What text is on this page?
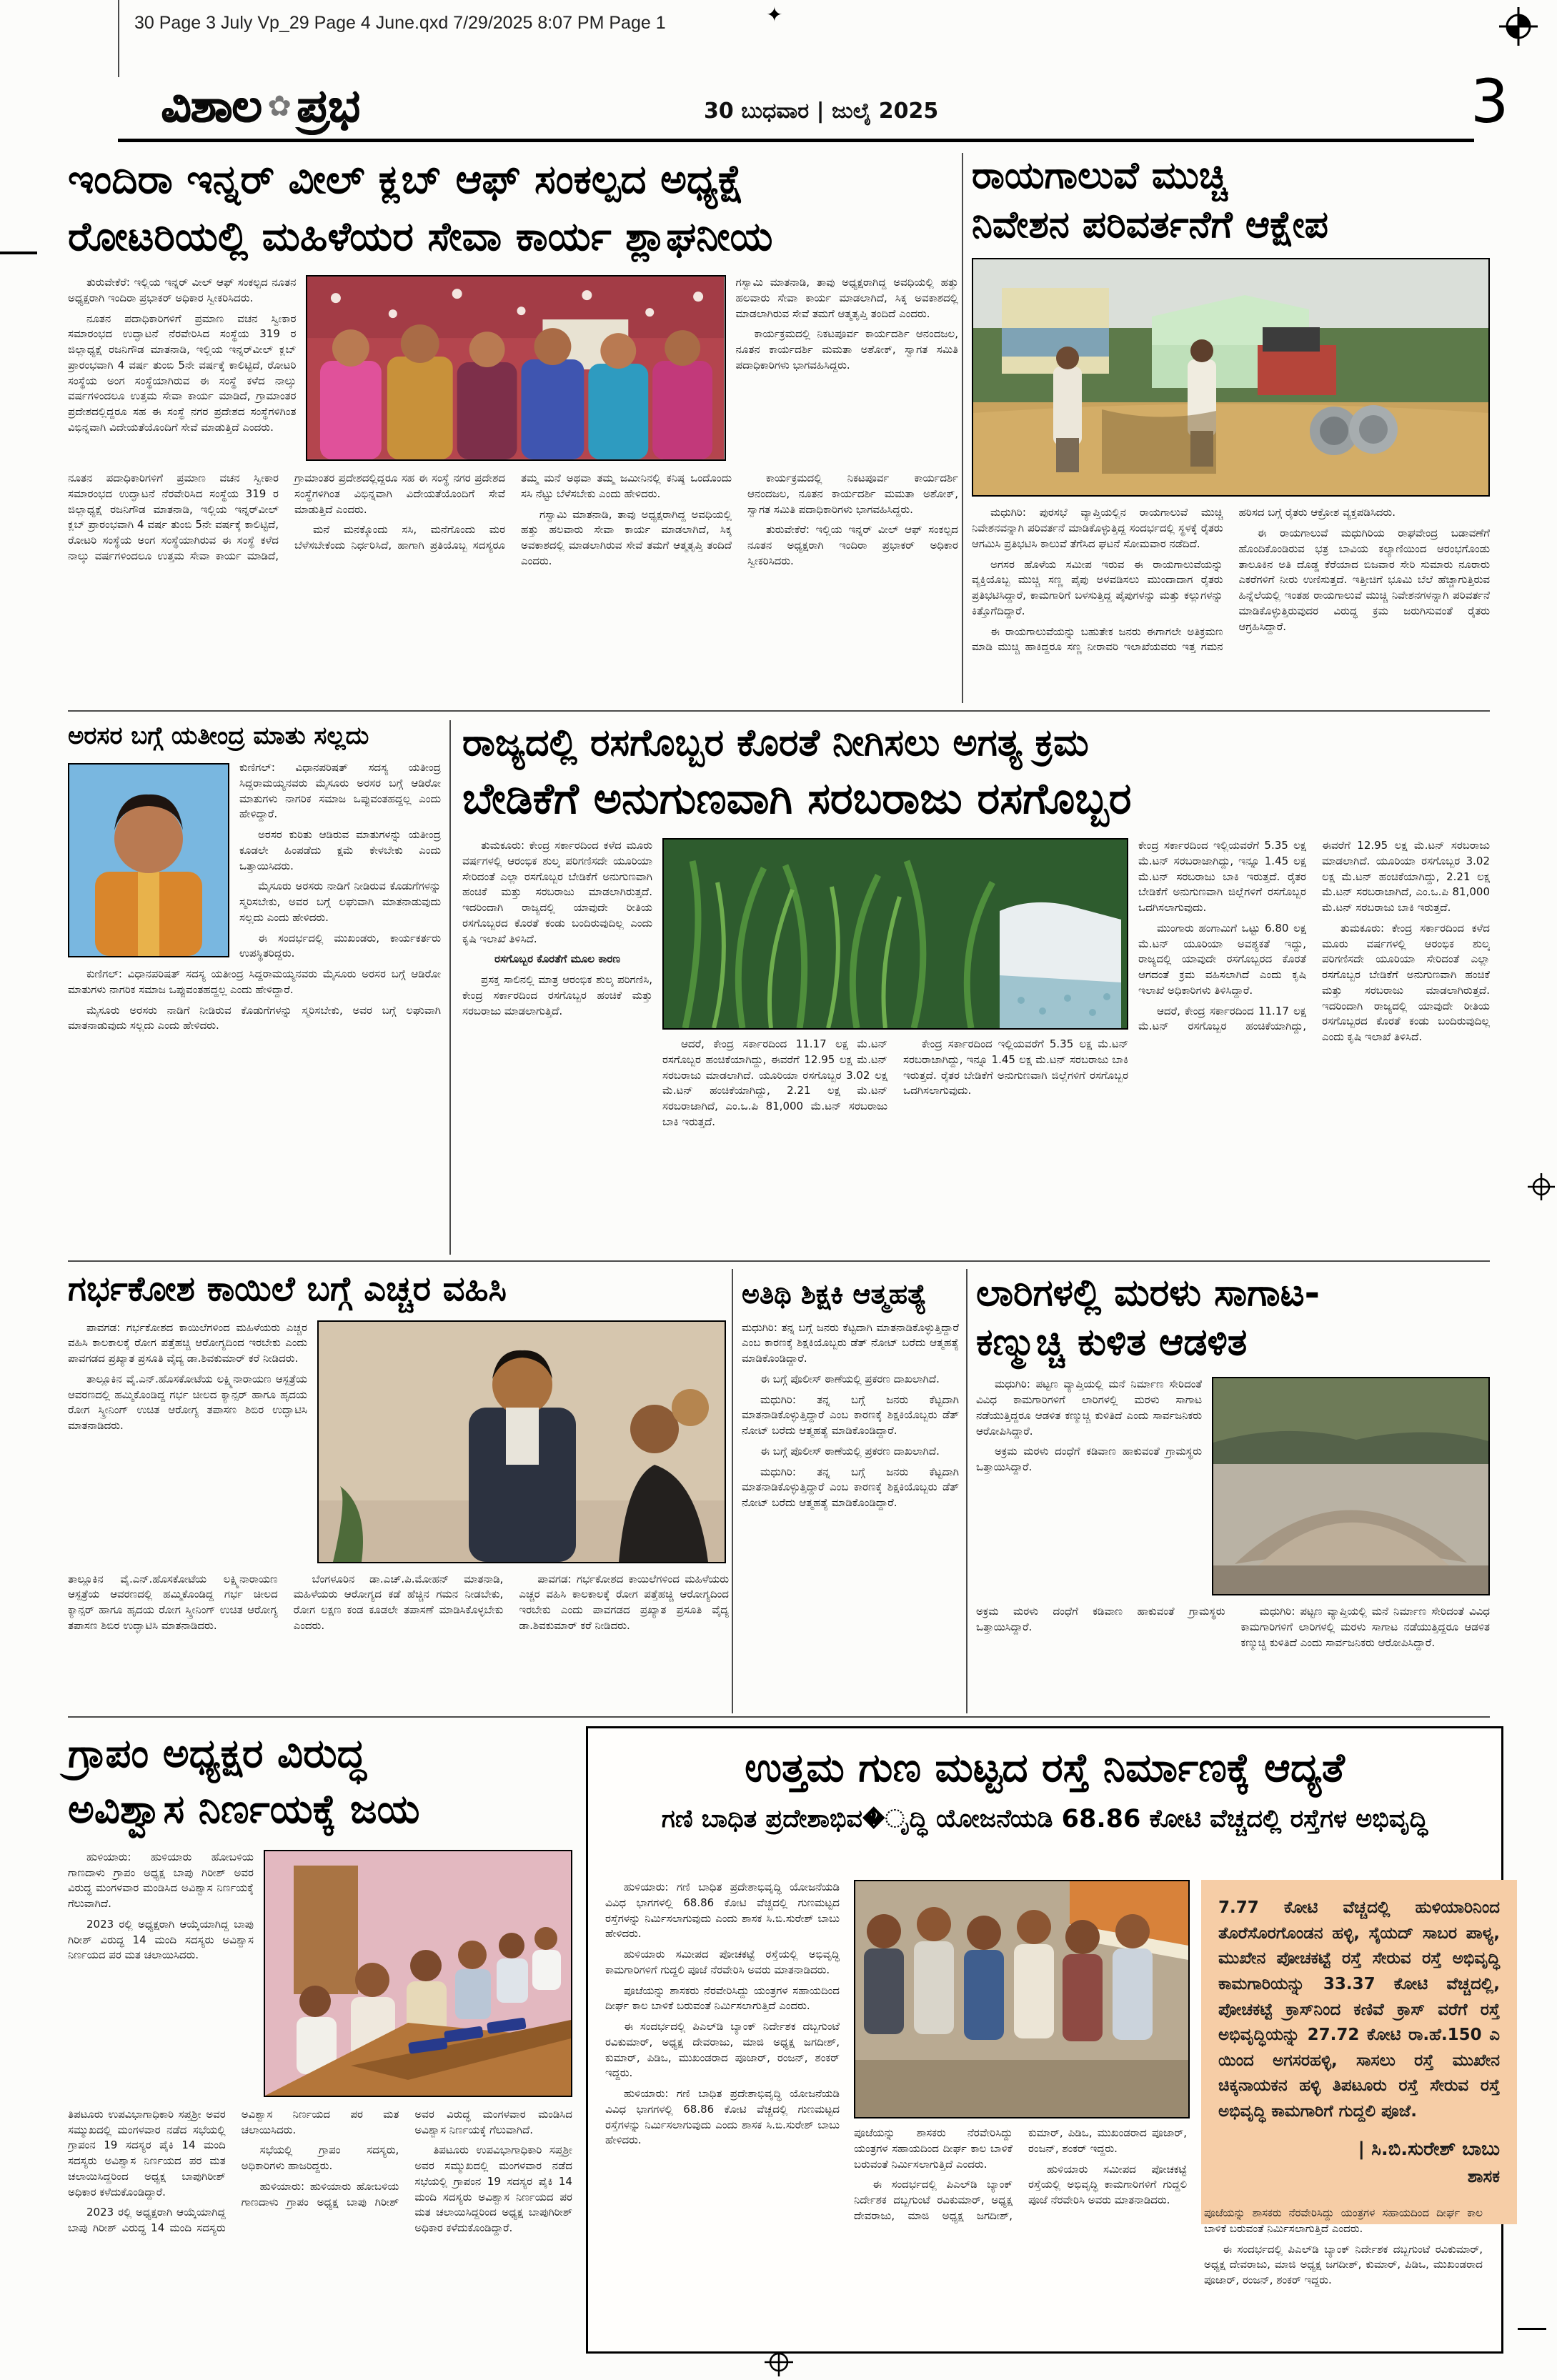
30 Page 3 July Vp_29 Page 4 June.qxd 7/29/2025 8:07 PM Page 1	✦
ವಿಶಾಲ ✿ ಪ್ರಭ	30 ಬುಧವಾರ | ಜುಲೈ 2025	3
ಇಂದಿರಾ ಇನ್ನರ್ ವೀಲ್ ಕ್ಲಬ್ ಆಫ್ ಸಂಕಲ್ಪದ ಅಧ್ಯಕ್ಷೆ
ರೋಟರಿಯಲ್ಲಿ ಮಹಿಳೆಯರ ಸೇವಾ ಕಾರ್ಯ ಶ್ಲಾಘನೀಯ

ತುರುವೇಕೆರೆ: ಇಲ್ಲಿಯ ಇನ್ನರ್ ವೀಲ್ ಆಫ್ ಸಂಕಲ್ಪದ ನೂತನ ಅಧ್ಯಕ್ಷರಾಗಿ ಇಂದಿರಾ ಪ್ರಭಾಕರ್ ಅಧಿಕಾರ ಸ್ವೀಕರಿಸಿದರು.

ನೂತನ ಪದಾಧಿಕಾರಿಗಳಿಗೆ ಪ್ರಮಾಣ ವಚನ ಸ್ವೀಕಾರ ಸಮಾರಂಭದ ಉದ್ಘಾಟನೆ ನೆರವೇರಿಸಿದ ಸಂಸ್ಥೆಯ 319 ರ ಜಿಲ್ಲಾಧ್ಯಕ್ಷೆ ರಜನಿಗೌಡ ಮಾತನಾಡಿ, ಇಲ್ಲಿಯ ಇನ್ನರ್‌ವೀಲ್ ಕ್ಲಬ್ ಪ್ರಾರಂಭವಾಗಿ 4 ವರ್ಷ ತುಂಬಿ 5ನೇ ವರ್ಷಕ್ಕೆ ಕಾಲಿಟ್ಟಿದೆ, ರೋಟರಿ ಸಂಸ್ಥೆಯ ಅಂಗ ಸಂಸ್ಥೆಯಾಗಿರುವ ಈ ಸಂಸ್ಥೆ ಕಳೆದ ನಾಲ್ಕು ವರ್ಷಗಳಿಂದಲೂ ಉತ್ತಮ ಸೇವಾ ಕಾರ್ಯ ಮಾಡಿದೆ, ಗ್ರಾಮಾಂತರ ಪ್ರದೇಶದಲ್ಲಿದ್ದರೂ ಸಹ ಈ ಸಂಸ್ಥೆ ನಗರ ಪ್ರದೇಶದ ಸಂಸ್ಥೆಗಳಿಗಿಂತ ವಿಭಿನ್ನವಾಗಿ ವಿದೇಯತೆಯೊಂದಿಗೆ ಸೇವೆ ಮಾಡುತ್ತಿದೆ ಎಂದರು.

ಗಸ್ವಾಮಿ ಮಾತನಾಡಿ, ತಾವು ಅಧ್ಯಕ್ಷರಾಗಿದ್ದ ಅವಧಿಯಲ್ಲಿ ಹತ್ತು ಹಲವಾರು ಸೇವಾ ಕಾರ್ಯ ಮಾಡಲಾಗಿದೆ, ಸಿಕ್ಕ ಅವಕಾಶದಲ್ಲಿ ಮಾಡಲಾಗಿರುವ ಸೇವೆ ತಮಗೆ ಆತ್ಮತೃಪ್ತಿ ತಂದಿದೆ ಎಂದರು.

ಕಾರ್ಯಕ್ರಮದಲ್ಲಿ ನಿಕಟಪೂರ್ವ ಕಾರ್ಯದರ್ಶಿ ಆನಂದಜಲ, ನೂತನ ಕಾರ್ಯದರ್ಶಿ ಮಮತಾ ಅಶೋಕ್, ಸ್ವಾಗತ ಸಮಿತಿ ಪದಾಧಿಕಾರಿಗಳು ಭಾಗವಹಿಸಿದ್ದರು.

ನೂತನ ಪದಾಧಿಕಾರಿಗಳಿಗೆ ಪ್ರಮಾಣ ವಚನ ಸ್ವೀಕಾರ ಸಮಾರಂಭದ ಉದ್ಘಾಟನೆ ನೆರವೇರಿಸಿದ ಸಂಸ್ಥೆಯ 319 ರ ಜಿಲ್ಲಾಧ್ಯಕ್ಷೆ ರಜನಿಗೌಡ ಮಾತನಾಡಿ, ಇಲ್ಲಿಯ ಇನ್ನರ್‌ವೀಲ್ ಕ್ಲಬ್ ಪ್ರಾರಂಭವಾಗಿ 4 ವರ್ಷ ತುಂಬಿ 5ನೇ ವರ್ಷಕ್ಕೆ ಕಾಲಿಟ್ಟಿದೆ, ರೋಟರಿ ಸಂಸ್ಥೆಯ ಅಂಗ ಸಂಸ್ಥೆಯಾಗಿರುವ ಈ ಸಂಸ್ಥೆ ಕಳೆದ ನಾಲ್ಕು ವರ್ಷಗಳಿಂದಲೂ ಉತ್ತಮ ಸೇವಾ ಕಾರ್ಯ ಮಾಡಿದೆ, ಗ್ರಾಮಾಂತರ ಪ್ರದೇಶದಲ್ಲಿದ್ದರೂ ಸಹ ಈ ಸಂಸ್ಥೆ ನಗರ ಪ್ರದೇಶದ ಸಂಸ್ಥೆಗಳಿಗಿಂತ ವಿಭಿನ್ನವಾಗಿ ವಿದೇಯತೆಯೊಂದಿಗೆ ಸೇವೆ ಮಾಡುತ್ತಿದೆ ಎಂದರು.

ಮನೆ ಮನಕ್ಕೊಂದು ಸಸಿ, ಮನೆಗೊಂದು ಮರ ಬೆಳೆಸಬೇಕೆಂದು ನಿರ್ಧರಿಸಿದೆ, ಹಾಗಾಗಿ ಪ್ರತಿಯೊಬ್ಬ ಸದಸ್ಯರೂ ತಮ್ಮ ಮನೆ ಅಥವಾ ತಮ್ಮ ಜಮೀನಿನಲ್ಲಿ ಕನಿಷ್ಠ ಒಂದೊಂದು ಸಸಿ ನೆಟ್ಟು ಬೆಳೆಸಬೇಕು ಎಂದು ಹೇಳಿದರು.

ಗಸ್ವಾಮಿ ಮಾತನಾಡಿ, ತಾವು ಅಧ್ಯಕ್ಷರಾಗಿದ್ದ ಅವಧಿಯಲ್ಲಿ ಹತ್ತು ಹಲವಾರು ಸೇವಾ ಕಾರ್ಯ ಮಾಡಲಾಗಿದೆ, ಸಿಕ್ಕ ಅವಕಾಶದಲ್ಲಿ ಮಾಡಲಾಗಿರುವ ಸೇವೆ ತಮಗೆ ಆತ್ಮತೃಪ್ತಿ ತಂದಿದೆ ಎಂದರು.

ಕಾರ್ಯಕ್ರಮದಲ್ಲಿ ನಿಕಟಪೂರ್ವ ಕಾರ್ಯದರ್ಶಿ ಆನಂದಜಲ, ನೂತನ ಕಾರ್ಯದರ್ಶಿ ಮಮತಾ ಅಶೋಕ್, ಸ್ವಾಗತ ಸಮಿತಿ ಪದಾಧಿಕಾರಿಗಳು ಭಾಗವಹಿಸಿದ್ದರು.

ತುರುವೇಕೆರೆ: ಇಲ್ಲಿಯ ಇನ್ನರ್ ವೀಲ್ ಆಫ್ ಸಂಕಲ್ಪದ ನೂತನ ಅಧ್ಯಕ್ಷರಾಗಿ ಇಂದಿರಾ ಪ್ರಭಾಕರ್ ಅಧಿಕಾರ ಸ್ವೀಕರಿಸಿದರು.

ರಾಯಗಾಲುವೆ ಮುಚ್ಚಿ
ನಿವೇಶನ ಪರಿವರ್ತನೆಗೆ ಆಕ್ಷೇಪ

ಮಧುಗಿರಿ: ಪುರಸಭೆ ವ್ಯಾಪ್ತಿಯಲ್ಲಿನ ರಾಯಗಾಲುವೆ ಮುಚ್ಚಿ ನಿವೇಶನವನ್ನಾಗಿ ಪರಿವರ್ತನೆ ಮಾಡಿಕೊಳ್ಳುತ್ತಿದ್ದ ಸಂದರ್ಭದಲ್ಲಿ ಸ್ಥಳಕ್ಕೆ ರೈತರು ಆಗಮಿಸಿ ಪ್ರತಿಭಟಿಸಿ ಕಾಲುವೆ ತೆಗೆಸಿದ ಘಟನೆ ಸೋಮವಾರ ನಡೆದಿದೆ.

ಅಗಸರ ಹೊಳೆಯ ಸಮೀಪ ಇರುವ ಈ ರಾಯಗಾಲುವೆಯನ್ನು ವ್ಯಕ್ತಿಯೊಬ್ಬ ಮುಚ್ಚಿ ಸಣ್ಣ ಪೈಪು ಅಳವಡಿಸಲು ಮುಂದಾದಾಗ ರೈತರು ಪ್ರತಿಭಟಿಸಿದ್ದಾರೆ, ಕಾಮಗಾರಿಗೆ ಬಳಸುತ್ತಿದ್ದ ಪೈಪುಗಳನ್ನು ಮತ್ತು ಕಲ್ಲುಗಳನ್ನು ಕಿತ್ತೊಗೆದಿದ್ದಾರೆ.

ಈ ರಾಯಗಾಲುವೆಯನ್ನು ಬಹುತೇಕ ಜನರು ಈಗಾಗಲೇ ಅತಿಕ್ರಮಣ ಮಾಡಿ ಮುಚ್ಚಿ ಹಾಕಿದ್ದರೂ ಸಣ್ಣ ನೀರಾವರಿ ಇಲಾಖೆಯವರು ಇತ್ತ ಗಮನ ಹರಿಸದ ಬಗ್ಗೆ ರೈತರು ಆಕ್ರೋಶ ವ್ಯಕ್ತಪಡಿಸಿದರು.

ಈ ರಾಯಗಾಲುವೆ ಮಧುಗಿರಿಯ ರಾಘವೇಂದ್ರ ಬಡಾವಣೆಗೆ ಹೊಂದಿಕೊಂಡಿರುವ ಭತ್ರ ಬಾವಿಯ ಕಲ್ಯಾಣಿಯಿಂದ ಆರಂಭಗೊಂಡು ತಾಲೂಕಿನ ಅತಿ ದೊಡ್ಡ ಕೆರೆಯಾದ ಬಿಜವಾರ ಸೇರಿ ಸುಮಾರು ನೂರಾರು ಎಕರೆಗಳಿಗೆ ನೀರು ಉಣಿಸುತ್ತದೆ. ಇತ್ತೀಚಿಗೆ ಭೂಮಿ ಬೆಲೆ ಹೆಚ್ಚಾಗುತ್ತಿರುವ ಹಿನ್ನೆಲೆಯಲ್ಲಿ ಇಂತಹ ರಾಯಗಾಲುವೆ ಮುಚ್ಚಿ ನಿವೇಶನಗಳನ್ನಾಗಿ ಪರಿವರ್ತನೆ ಮಾಡಿಕೊಳ್ಳುತ್ತಿರುವುದರ ವಿರುದ್ಧ ಕ್ರಮ ಜರುಗಿಸುವಂತೆ ರೈತರು ಆಗ್ರಹಿಸಿದ್ದಾರೆ.

ಅರಸರ ಬಗ್ಗೆ ಯತೀಂದ್ರ ಮಾತು ಸಲ್ಲದು

ಕುಣಿಗಲ್: ವಿಧಾನಪರಿಷತ್ ಸದಸ್ಯ ಯತೀಂದ್ರ ಸಿದ್ದರಾಮಯ್ಯನವರು ಮೈಸೂರು ಅರಸರ ಬಗ್ಗೆ ಆಡಿರೋ ಮಾತುಗಳು ನಾಗರಿಕ ಸಮಾಜ ಒಪ್ಪುವಂತಹದ್ದಲ್ಲ ಎಂದು ಹೇಳಿದ್ದಾರೆ.

ಅರಸರ ಕುರಿತು ಆಡಿರುವ ಮಾತುಗಳನ್ನು ಯತೀಂದ್ರ ಕೂಡಲೇ ಹಿಂಪಡೆದು ಕ್ಷಮೆ ಕೇಳಬೇಕು ಎಂದು ಒತ್ತಾಯಿಸಿದರು.

ಮೈಸೂರು ಅರಸರು ನಾಡಿಗೆ ನೀಡಿರುವ ಕೊಡುಗೆಗಳನ್ನು ಸ್ಮರಿಸಬೇಕು, ಅವರ ಬಗ್ಗೆ ಲಘುವಾಗಿ ಮಾತನಾಡುವುದು ಸಲ್ಲದು ಎಂದು ಹೇಳಿದರು.

ಈ ಸಂದರ್ಭದಲ್ಲಿ ಮುಖಂಡರು, ಕಾರ್ಯಕರ್ತರು ಉಪಸ್ಥಿತರಿದ್ದರು.

ಕುಣಿಗಲ್: ವಿಧಾನಪರಿಷತ್ ಸದಸ್ಯ ಯತೀಂದ್ರ ಸಿದ್ದರಾಮಯ್ಯನವರು ಮೈಸೂರು ಅರಸರ ಬಗ್ಗೆ ಆಡಿರೋ ಮಾತುಗಳು ನಾಗರಿಕ ಸಮಾಜ ಒಪ್ಪುವಂತಹದ್ದಲ್ಲ ಎಂದು ಹೇಳಿದ್ದಾರೆ.

ಮೈಸೂರು ಅರಸರು ನಾಡಿಗೆ ನೀಡಿರುವ ಕೊಡುಗೆಗಳನ್ನು ಸ್ಮರಿಸಬೇಕು, ಅವರ ಬಗ್ಗೆ ಲಘುವಾಗಿ ಮಾತನಾಡುವುದು ಸಲ್ಲದು ಎಂದು ಹೇಳಿದರು.

ರಾಜ್ಯದಲ್ಲಿ ರಸಗೊಬ್ಬರ ಕೊರತೆ ನೀಗಿಸಲು ಅಗತ್ಯ ಕ್ರಮ
ಬೇಡಿಕೆಗೆ ಅನುಗುಣವಾಗಿ ಸರಬರಾಜು ರಸಗೊಬ್ಬರ

ತುಮಕೂರು: ಕೇಂದ್ರ ಸರ್ಕಾರದಿಂದ ಕಳೆದ ಮೂರು ವರ್ಷಗಳಲ್ಲಿ ಆರಂಭಿಕ ಶುಲ್ಕ ಪರಿಗಣಿಸದೇ ಯೂರಿಯಾ ಸೇರಿದಂತೆ ಎಲ್ಲಾ ರಸಗೊಬ್ಬರ ಬೇಡಿಕೆಗೆ ಅನುಗುಣವಾಗಿ ಹಂಚಿಕೆ ಮತ್ತು ಸರಬರಾಜು ಮಾಡಲಾಗಿರುತ್ತದೆ. ಇದರಿಂದಾಗಿ ರಾಜ್ಯದಲ್ಲಿ ಯಾವುದೇ ರೀತಿಯ ರಸಗೊಬ್ಬರದ ಕೊರತೆ ಕಂಡು ಬಂದಿರುವುದಿಲ್ಲ ಎಂದು ಕೃಷಿ ಇಲಾಖೆ ತಿಳಿಸಿದೆ.

ರಸಗೊಬ್ಬರ ಕೊರತೆಗೆ ಮೂಲ ಕಾರಣ

ಪ್ರಸಕ್ತ ಸಾಲಿನಲ್ಲಿ ಮಾತ್ರ ಆರಂಭಿಕ ಶುಲ್ಕ ಪರಿಗಣಿಸಿ, ಕೇಂದ್ರ ಸರ್ಕಾರದಿಂದ ರಸಗೊಬ್ಬರ ಹಂಚಿಕೆ ಮತ್ತು ಸರಬರಾಜು ಮಾಡಲಾಗುತ್ತಿದೆ.

ಆದರೆ, ಕೇಂದ್ರ ಸರ್ಕಾರದಿಂದ 11.17 ಲಕ್ಷ ಮೆ.ಟನ್ ರಸಗೊಬ್ಬರ ಹಂಚಿಕೆಯಾಗಿದ್ದು, ಈವರೆಗೆ 12.95 ಲಕ್ಷ ಮೆ.ಟನ್ ಸರಬರಾಜು ಮಾಡಲಾಗಿದೆ. ಯೂರಿಯಾ ರಸಗೊಬ್ಬರ 3.02 ಲಕ್ಷ ಮೆ.ಟನ್ ಹಂಚಿಕೆಯಾಗಿದ್ದು, 2.21 ಲಕ್ಷ ಮೆ.ಟನ್ ಸರಬರಾಜಾಗಿದೆ, ಎಂ.ಒ.ಪಿ 81,000 ಮೆ.ಟನ್ ಸರಬರಾಜು ಬಾಕಿ ಇರುತ್ತದೆ.

ಕೇಂದ್ರ ಸರ್ಕಾರದಿಂದ ಇಲ್ಲಿಯವರೆಗೆ 5.35 ಲಕ್ಷ ಮೆ.ಟನ್ ಸರಬರಾಜಾಗಿದ್ದು, ಇನ್ನೂ 1.45 ಲಕ್ಷ ಮೆ.ಟನ್ ಸರಬರಾಜು ಬಾಕಿ ಇರುತ್ತದೆ. ರೈತರ ಬೇಡಿಕೆಗೆ ಅನುಗುಣವಾಗಿ ಜಿಲ್ಲೆಗಳಿಗೆ ರಸಗೊಬ್ಬರ ಒದಗಿಸಲಾಗುವುದು.

ಕೇಂದ್ರ ಸರ್ಕಾರದಿಂದ ಇಲ್ಲಿಯವರೆಗೆ 5.35 ಲಕ್ಷ ಮೆ.ಟನ್ ಸರಬರಾಜಾಗಿದ್ದು, ಇನ್ನೂ 1.45 ಲಕ್ಷ ಮೆ.ಟನ್ ಸರಬರಾಜು ಬಾಕಿ ಇರುತ್ತದೆ. ರೈತರ ಬೇಡಿಕೆಗೆ ಅನುಗುಣವಾಗಿ ಜಿಲ್ಲೆಗಳಿಗೆ ರಸಗೊಬ್ಬರ ಒದಗಿಸಲಾಗುವುದು.

ಮುಂಗಾರು ಹಂಗಾಮಿಗೆ ಒಟ್ಟು 6.80 ಲಕ್ಷ ಮೆ.ಟನ್ ಯೂರಿಯಾ ಅವಶ್ಯಕತೆ ಇದ್ದು, ರಾಜ್ಯದಲ್ಲಿ ಯಾವುದೇ ರಸಗೊಬ್ಬರದ ಕೊರತೆ ಆಗದಂತೆ ಕ್ರಮ ವಹಿಸಲಾಗಿದೆ ಎಂದು ಕೃಷಿ ಇಲಾಖೆ ಅಧಿಕಾರಿಗಳು ತಿಳಿಸಿದ್ದಾರೆ.

ಆದರೆ, ಕೇಂದ್ರ ಸರ್ಕಾರದಿಂದ 11.17 ಲಕ್ಷ ಮೆ.ಟನ್ ರಸಗೊಬ್ಬರ ಹಂಚಿಕೆಯಾಗಿದ್ದು, ಈವರೆಗೆ 12.95 ಲಕ್ಷ ಮೆ.ಟನ್ ಸರಬರಾಜು ಮಾಡಲಾಗಿದೆ. ಯೂರಿಯಾ ರಸಗೊಬ್ಬರ 3.02 ಲಕ್ಷ ಮೆ.ಟನ್ ಹಂಚಿಕೆಯಾಗಿದ್ದು, 2.21 ಲಕ್ಷ ಮೆ.ಟನ್ ಸರಬರಾಜಾಗಿದೆ, ಎಂ.ಒ.ಪಿ 81,000 ಮೆ.ಟನ್ ಸರಬರಾಜು ಬಾಕಿ ಇರುತ್ತದೆ.

ತುಮಕೂರು: ಕೇಂದ್ರ ಸರ್ಕಾರದಿಂದ ಕಳೆದ ಮೂರು ವರ್ಷಗಳಲ್ಲಿ ಆರಂಭಿಕ ಶುಲ್ಕ ಪರಿಗಣಿಸದೇ ಯೂರಿಯಾ ಸೇರಿದಂತೆ ಎಲ್ಲಾ ರಸಗೊಬ್ಬರ ಬೇಡಿಕೆಗೆ ಅನುಗುಣವಾಗಿ ಹಂಚಿಕೆ ಮತ್ತು ಸರಬರಾಜು ಮಾಡಲಾಗಿರುತ್ತದೆ. ಇದರಿಂದಾಗಿ ರಾಜ್ಯದಲ್ಲಿ ಯಾವುದೇ ರೀತಿಯ ರಸಗೊಬ್ಬರದ ಕೊರತೆ ಕಂಡು ಬಂದಿರುವುದಿಲ್ಲ ಎಂದು ಕೃಷಿ ಇಲಾಖೆ ತಿಳಿಸಿದೆ.

ಗರ್ಭಕೋಶ ಕಾಯಿಲೆ ಬಗ್ಗೆ ಎಚ್ಚರ ವಹಿಸಿ

ಪಾವಗಡ: ಗರ್ಭಕೋಶದ ಕಾಯಿಲೆಗಳಿಂದ ಮಹಿಳೆಯರು ಎಚ್ಚರ ವಹಿಸಿ ಕಾಲಕಾಲಕ್ಕೆ ರೋಗ ಪತ್ತೆಹಚ್ಚಿ ಆರೋಗ್ಯದಿಂದ ಇರಬೇಕು ಎಂದು ಪಾವಗಡದ ಪ್ರಖ್ಯಾತ ಪ್ರಸೂತಿ ವೈದ್ಯ ಡಾ.ಶಿವಕುಮಾರ್ ಕರೆ ನೀಡಿದರು.

ತಾಲ್ಲೂಕಿನ ವೈ.ಎನ್.ಹೊಸಕೋಟೆಯ ಲಕ್ಷ್ಮಿನಾರಾಯಣ ಆಸ್ಪತ್ರೆಯ ಆವರಣದಲ್ಲಿ ಹಮ್ಮಿಕೊಂಡಿದ್ದ ಗರ್ಭ ಚೀಲದ ಕ್ಯಾನ್ಸರ್ ಹಾಗೂ ಹೃದಯ ರೋಗ ಸ್ಕ್ರೀನಿಂಗ್ ಉಚಿತ ಆರೋಗ್ಯ ತಪಾಸಣ ಶಿಬಿರ ಉದ್ಘಾಟಿಸಿ ಮಾತನಾಡಿದರು.

ತಾಲ್ಲೂಕಿನ ವೈ.ಎನ್.ಹೊಸಕೋಟೆಯ ಲಕ್ಷ್ಮಿನಾರಾಯಣ ಆಸ್ಪತ್ರೆಯ ಆವರಣದಲ್ಲಿ ಹಮ್ಮಿಕೊಂಡಿದ್ದ ಗರ್ಭ ಚೀಲದ ಕ್ಯಾನ್ಸರ್ ಹಾಗೂ ಹೃದಯ ರೋಗ ಸ್ಕ್ರೀನಿಂಗ್ ಉಚಿತ ಆರೋಗ್ಯ ತಪಾಸಣ ಶಿಬಿರ ಉದ್ಘಾಟಿಸಿ ಮಾತನಾಡಿದರು.

ಬೆಂಗಳೂರಿನ ಡಾ.ಎಚ್.ಪಿ.ಮೋಹನ್ ಮಾತನಾಡಿ, ಮಹಿಳೆಯರು ಆರೋಗ್ಯದ ಕಡೆ ಹೆಚ್ಚಿನ ಗಮನ ನೀಡಬೇಕು, ರೋಗ ಲಕ್ಷಣ ಕಂಡ ಕೂಡಲೇ ತಪಾಸಣೆ ಮಾಡಿಸಿಕೊಳ್ಳಬೇಕು ಎಂದರು.

ಪಾವಗಡ: ಗರ್ಭಕೋಶದ ಕಾಯಿಲೆಗಳಿಂದ ಮಹಿಳೆಯರು ಎಚ್ಚರ ವಹಿಸಿ ಕಾಲಕಾಲಕ್ಕೆ ರೋಗ ಪತ್ತೆಹಚ್ಚಿ ಆರೋಗ್ಯದಿಂದ ಇರಬೇಕು ಎಂದು ಪಾವಗಡದ ಪ್ರಖ್ಯಾತ ಪ್ರಸೂತಿ ವೈದ್ಯ ಡಾ.ಶಿವಕುಮಾರ್ ಕರೆ ನೀಡಿದರು.

ಅತಿಥಿ ಶಿಕ್ಷಕಿ ಆತ್ಮಹತ್ಯೆ

ಮಧುಗಿರಿ: ತನ್ನ ಬಗ್ಗೆ ಜನರು ಕೆಟ್ಟದಾಗಿ ಮಾತನಾಡಿಕೊಳ್ಳುತ್ತಿದ್ದಾರೆ ಎಂಬ ಕಾರಣಕ್ಕೆ ಶಿಕ್ಷಕಿಯೊಬ್ಬರು ಡೆತ್ ನೋಟ್ ಬರೆದು ಆತ್ಮಹತ್ಯೆ ಮಾಡಿಕೊಂಡಿದ್ದಾರೆ.

ಈ ಬಗ್ಗೆ ಪೊಲೀಸ್ ಠಾಣೆಯಲ್ಲಿ ಪ್ರಕರಣ ದಾಖಲಾಗಿದೆ.

ಮಧುಗಿರಿ: ತನ್ನ ಬಗ್ಗೆ ಜನರು ಕೆಟ್ಟದಾಗಿ ಮಾತನಾಡಿಕೊಳ್ಳುತ್ತಿದ್ದಾರೆ ಎಂಬ ಕಾರಣಕ್ಕೆ ಶಿಕ್ಷಕಿಯೊಬ್ಬರು ಡೆತ್ ನೋಟ್ ಬರೆದು ಆತ್ಮಹತ್ಯೆ ಮಾಡಿಕೊಂಡಿದ್ದಾರೆ.

ಈ ಬಗ್ಗೆ ಪೊಲೀಸ್ ಠಾಣೆಯಲ್ಲಿ ಪ್ರಕರಣ ದಾಖಲಾಗಿದೆ.

ಮಧುಗಿರಿ: ತನ್ನ ಬಗ್ಗೆ ಜನರು ಕೆಟ್ಟದಾಗಿ ಮಾತನಾಡಿಕೊಳ್ಳುತ್ತಿದ್ದಾರೆ ಎಂಬ ಕಾರಣಕ್ಕೆ ಶಿಕ್ಷಕಿಯೊಬ್ಬರು ಡೆತ್ ನೋಟ್ ಬರೆದು ಆತ್ಮಹತ್ಯೆ ಮಾಡಿಕೊಂಡಿದ್ದಾರೆ.

ಲಾರಿಗಳಲ್ಲಿ ಮರಳು ಸಾಗಾಟ-
ಕಣ್ಮುಚ್ಚಿ ಕುಳಿತ ಆಡಳಿತ

ಮಧುಗಿರಿ: ಪಟ್ಟಣ ವ್ಯಾಪ್ತಿಯಲ್ಲಿ ಮನೆ ನಿರ್ಮಾಣ ಸೇರಿದಂತೆ ವಿವಿಧ ಕಾಮಗಾರಿಗಳಿಗೆ ಲಾರಿಗಳಲ್ಲಿ ಮರಳು ಸಾಗಾಟ ನಡೆಯುತ್ತಿದ್ದರೂ ಆಡಳಿತ ಕಣ್ಮುಚ್ಚಿ ಕುಳಿತಿದೆ ಎಂದು ಸಾರ್ವಜನಿಕರು ಆರೋಪಿಸಿದ್ದಾರೆ.

ಅಕ್ರಮ ಮರಳು ದಂಧೆಗೆ ಕಡಿವಾಣ ಹಾಕುವಂತೆ ಗ್ರಾಮಸ್ಥರು ಒತ್ತಾಯಿಸಿದ್ದಾರೆ.

ಅಕ್ರಮ ಮರಳು ದಂಧೆಗೆ ಕಡಿವಾಣ ಹಾಕುವಂತೆ ಗ್ರಾಮಸ್ಥರು ಒತ್ತಾಯಿಸಿದ್ದಾರೆ.

ಮಧುಗಿರಿ: ಪಟ್ಟಣ ವ್ಯಾಪ್ತಿಯಲ್ಲಿ ಮನೆ ನಿರ್ಮಾಣ ಸೇರಿದಂತೆ ವಿವಿಧ ಕಾಮಗಾರಿಗಳಿಗೆ ಲಾರಿಗಳಲ್ಲಿ ಮರಳು ಸಾಗಾಟ ನಡೆಯುತ್ತಿದ್ದರೂ ಆಡಳಿತ ಕಣ್ಮುಚ್ಚಿ ಕುಳಿತಿದೆ ಎಂದು ಸಾರ್ವಜನಿಕರು ಆರೋಪಿಸಿದ್ದಾರೆ.

ಗ್ರಾಪಂ ಅಧ್ಯಕ್ಷರ ವಿರುದ್ಧ
ಅವಿಶ್ವಾಸ ನಿರ್ಣಯಕ್ಕೆ ಜಯ

ಹುಳಿಯಾರು: ಹುಳಿಯಾರು ಹೋಬಳಿಯ ಗಾಣದಾಳು ಗ್ರಾಪಂ ಅಧ್ಯಕ್ಷ ಬಾಪು ಗಿರೀಶ್ ಅವರ ವಿರುದ್ಧ ಮಂಗಳವಾರ ಮಂಡಿಸಿದ ಅವಿಶ್ವಾಸ ನಿರ್ಣಯಕ್ಕೆ ಗೆಲುವಾಗಿದೆ.

2023 ರಲ್ಲಿ ಅಧ್ಯಕ್ಷರಾಗಿ ಆಯ್ಕೆಯಾಗಿದ್ದ ಬಾಪು ಗಿರೀಶ್ ವಿರುದ್ಧ 14 ಮಂದಿ ಸದಸ್ಯರು ಅವಿಶ್ವಾಸ ನಿರ್ಣಯದ ಪರ ಮತ ಚಲಾಯಿಸಿದರು.

ತಿಪಟೂರು ಉಪವಿಭಾಗಾಧಿಕಾರಿ ಸಪ್ತಶ್ರೀ ಅವರ ಸಮ್ಮುಖದಲ್ಲಿ ಮಂಗಳವಾರ ನಡೆದ ಸಭೆಯಲ್ಲಿ ಗ್ರಾಪಂನ 19 ಸದಸ್ಯರ ಪೈಕಿ 14 ಮಂದಿ ಸದಸ್ಯರು ಅವಿಶ್ವಾಸ ನಿರ್ಣಯದ ಪರ ಮತ ಚಲಾಯಿಸಿದ್ದರಿಂದ ಅಧ್ಯಕ್ಷ ಬಾಪುಗಿರೀಶ್ ಅಧಿಕಾರ ಕಳೆದುಕೊಂಡಿದ್ದಾರೆ.

2023 ರಲ್ಲಿ ಅಧ್ಯಕ್ಷರಾಗಿ ಆಯ್ಕೆಯಾಗಿದ್ದ ಬಾಪು ಗಿರೀಶ್ ವಿರುದ್ಧ 14 ಮಂದಿ ಸದಸ್ಯರು ಅವಿಶ್ವಾಸ ನಿರ್ಣಯದ ಪರ ಮತ ಚಲಾಯಿಸಿದರು.

ಸಭೆಯಲ್ಲಿ ಗ್ರಾಪಂ ಸದಸ್ಯರು, ಅಧಿಕಾರಿಗಳು ಹಾಜರಿದ್ದರು.

ಹುಳಿಯಾರು: ಹುಳಿಯಾರು ಹೋಬಳಿಯ ಗಾಣದಾಳು ಗ್ರಾಪಂ ಅಧ್ಯಕ್ಷ ಬಾಪು ಗಿರೀಶ್ ಅವರ ವಿರುದ್ಧ ಮಂಗಳವಾರ ಮಂಡಿಸಿದ ಅವಿಶ್ವಾಸ ನಿರ್ಣಯಕ್ಕೆ ಗೆಲುವಾಗಿದೆ.

ತಿಪಟೂರು ಉಪವಿಭಾಗಾಧಿಕಾರಿ ಸಪ್ತಶ್ರೀ ಅವರ ಸಮ್ಮುಖದಲ್ಲಿ ಮಂಗಳವಾರ ನಡೆದ ಸಭೆಯಲ್ಲಿ ಗ್ರಾಪಂನ 19 ಸದಸ್ಯರ ಪೈಕಿ 14 ಮಂದಿ ಸದಸ್ಯರು ಅವಿಶ್ವಾಸ ನಿರ್ಣಯದ ಪರ ಮತ ಚಲಾಯಿಸಿದ್ದರಿಂದ ಅಧ್ಯಕ್ಷ ಬಾಪುಗಿರೀಶ್ ಅಧಿಕಾರ ಕಳೆದುಕೊಂಡಿದ್ದಾರೆ.

ಉತ್ತಮ ಗುಣ ಮಟ್ಟದ ರಸ್ತೆ ನಿರ್ಮಾಣಕ್ಕೆ ಆದ್ಯತೆ
ಗಣಿ ಬಾಧಿತ ಪ್ರದೇಶಾಭಿವ�ೃದ್ಧಿ ಯೋಜನೆಯಡಿ 68.86 ಕೋಟಿ ವೆಚ್ಚದಲ್ಲಿ ರಸ್ತೆಗಳ ಅಭಿವೃದ್ಧಿ

ಹುಳಿಯಾರು: ಗಣಿ ಬಾಧಿತ ಪ್ರದೇಶಾಭಿವೃದ್ಧಿ ಯೋಜನೆಯಡಿ ವಿವಿಧ ಭಾಗಗಳಲ್ಲಿ 68.86 ಕೋಟಿ ವೆಚ್ಚದಲ್ಲಿ ಗುಣಮಟ್ಟದ ರಸ್ತೆಗಳನ್ನು ನಿರ್ಮಿಸಲಾಗುವುದು ಎಂದು ಶಾಸಕ ಸಿ.ಬಿ.ಸುರೇಶ್ ಬಾಬು ಹೇಳಿದರು.

ಹುಳಿಯಾರು ಸಮೀಪದ ಪೋಚಕಟ್ಟೆ ರಸ್ತೆಯಲ್ಲಿ ಅಭಿವೃದ್ಧಿ ಕಾಮಗಾರಿಗಳಿಗೆ ಗುದ್ದಲಿ ಪೂಜೆ ನೆರವೇರಿಸಿ ಅವರು ಮಾತನಾಡಿದರು.

ಪೂಜೆಯನ್ನು ಶಾಸಕರು ನೆರವೇರಿಸಿದ್ದು ಯಂತ್ರಗಳ ಸಹಾಯದಿಂದ ದೀರ್ಘ ಕಾಲ ಬಾಳಿಕೆ ಬರುವಂತೆ ನಿರ್ಮಿಸಲಾಗುತ್ತಿದೆ ಎಂದರು.

ಈ ಸಂದರ್ಭದಲ್ಲಿ ಪಿಎಲ್‌ಡಿ ಬ್ಯಾಂಕ್ ನಿರ್ದೇಶಕ ದಬ್ಬಗುಂಟೆ ರವಿಕುಮಾರ್, ಅಧ್ಯಕ್ಷ ದೇವರಾಜು, ಮಾಜಿ ಅಧ್ಯಕ್ಷ ಜಗದೀಶ್, ಕುಮಾರ್, ಪಿಡಿಒ, ಮುಖಂಡರಾದ ಪೂಜಾರ್, ರಂಜನ್, ಶಂಕರ್ ಇದ್ದರು.

ಹುಳಿಯಾರು: ಗಣಿ ಬಾಧಿತ ಪ್ರದೇಶಾಭಿವೃದ್ಧಿ ಯೋಜನೆಯಡಿ ವಿವಿಧ ಭಾಗಗಳಲ್ಲಿ 68.86 ಕೋಟಿ ವೆಚ್ಚದಲ್ಲಿ ಗುಣಮಟ್ಟದ ರಸ್ತೆಗಳನ್ನು ನಿರ್ಮಿಸಲಾಗುವುದು ಎಂದು ಶಾಸಕ ಸಿ.ಬಿ.ಸುರೇಶ್ ಬಾಬು ಹೇಳಿದರು.

ಪೂಜೆಯನ್ನು ಶಾಸಕರು ನೆರವೇರಿಸಿದ್ದು ಯಂತ್ರಗಳ ಸಹಾಯದಿಂದ ದೀರ್ಘ ಕಾಲ ಬಾಳಿಕೆ ಬರುವಂತೆ ನಿರ್ಮಿಸಲಾಗುತ್ತಿದೆ ಎಂದರು.

ಈ ಸಂದರ್ಭದಲ್ಲಿ ಪಿಎಲ್‌ಡಿ ಬ್ಯಾಂಕ್ ನಿರ್ದೇಶಕ ದಬ್ಬಗುಂಟೆ ರವಿಕುಮಾರ್, ಅಧ್ಯಕ್ಷ ದೇವರಾಜು, ಮಾಜಿ ಅಧ್ಯಕ್ಷ ಜಗದೀಶ್, ಕುಮಾರ್, ಪಿಡಿಒ, ಮುಖಂಡರಾದ ಪೂಜಾರ್, ರಂಜನ್, ಶಂಕರ್ ಇದ್ದರು.

ಹುಳಿಯಾರು ಸಮೀಪದ ಪೋಚಕಟ್ಟೆ ರಸ್ತೆಯಲ್ಲಿ ಅಭಿವೃದ್ಧಿ ಕಾಮಗಾರಿಗಳಿಗೆ ಗುದ್ದಲಿ ಪೂಜೆ ನೆರವೇರಿಸಿ ಅವರು ಮಾತನಾಡಿದರು.

7.77 ಕೋಟಿ ವೆಚ್ಚದಲ್ಲಿ ಹುಳಿಯಾರಿನಿಂದ ತೊರೆಸೊರಗೊಂಡನ ಹಳ್ಳಿ, ಸೈಯದ್ ಸಾಬರ ಪಾಳ್ಯ, ಮುಖೇನ ಪೋಚಕಟ್ಟೆ ರಸ್ತೆ ಸೇರುವ ರಸ್ತೆ ಅಭಿವೃದ್ಧಿ ಕಾಮಗಾರಿಯನ್ನು 33.37 ಕೋಟಿ ವೆಚ್ಚದಲ್ಲಿ, ಪೋಚಕಟ್ಟೆ ಕ್ರಾಸ್‌ನಿಂದ ಕಣಿವೆ ಕ್ರಾಸ್ ವರೆಗೆ ರಸ್ತೆ ಅಭಿವೃದ್ಧಿಯನ್ನು 27.72 ಕೋಟಿ ರಾ.ಹೆ.150 ಎ ಯಿಂದ ಅಗಸರಹಳ್ಳಿ, ಸಾಸಲು ರಸ್ತೆ ಮುಖೇನ ಚಿಕ್ಕನಾಯಕನ ಹಳ್ಳಿ ತಿಪಟೂರು ರಸ್ತೆ ಸೇರುವ ರಸ್ತೆ ಅಭಿವೃದ್ಧಿ ಕಾಮಗಾರಿಗೆ ಗುದ್ದಲಿ ಪೂಜೆ.
| ಸಿ.ಬಿ.ಸುರೇಶ್ ಬಾಬು
ಶಾಸಕ

ಪೂಜೆಯನ್ನು ಶಾಸಕರು ನೆರವೇರಿಸಿದ್ದು ಯಂತ್ರಗಳ ಸಹಾಯದಿಂದ ದೀರ್ಘ ಕಾಲ ಬಾಳಿಕೆ ಬರುವಂತೆ ನಿರ್ಮಿಸಲಾಗುತ್ತಿದೆ ಎಂದರು.

ಈ ಸಂದರ್ಭದಲ್ಲಿ ಪಿಎಲ್‌ಡಿ ಬ್ಯಾಂಕ್ ನಿರ್ದೇಶಕ ದಬ್ಬಗುಂಟೆ ರವಿಕುಮಾರ್, ಅಧ್ಯಕ್ಷ ದೇವರಾಜು, ಮಾಜಿ ಅಧ್ಯಕ್ಷ ಜಗದೀಶ್, ಕುಮಾರ್, ಪಿಡಿಒ, ಮುಖಂಡರಾದ ಪೂಜಾರ್, ರಂಜನ್, ಶಂಕರ್ ಇದ್ದರು.
